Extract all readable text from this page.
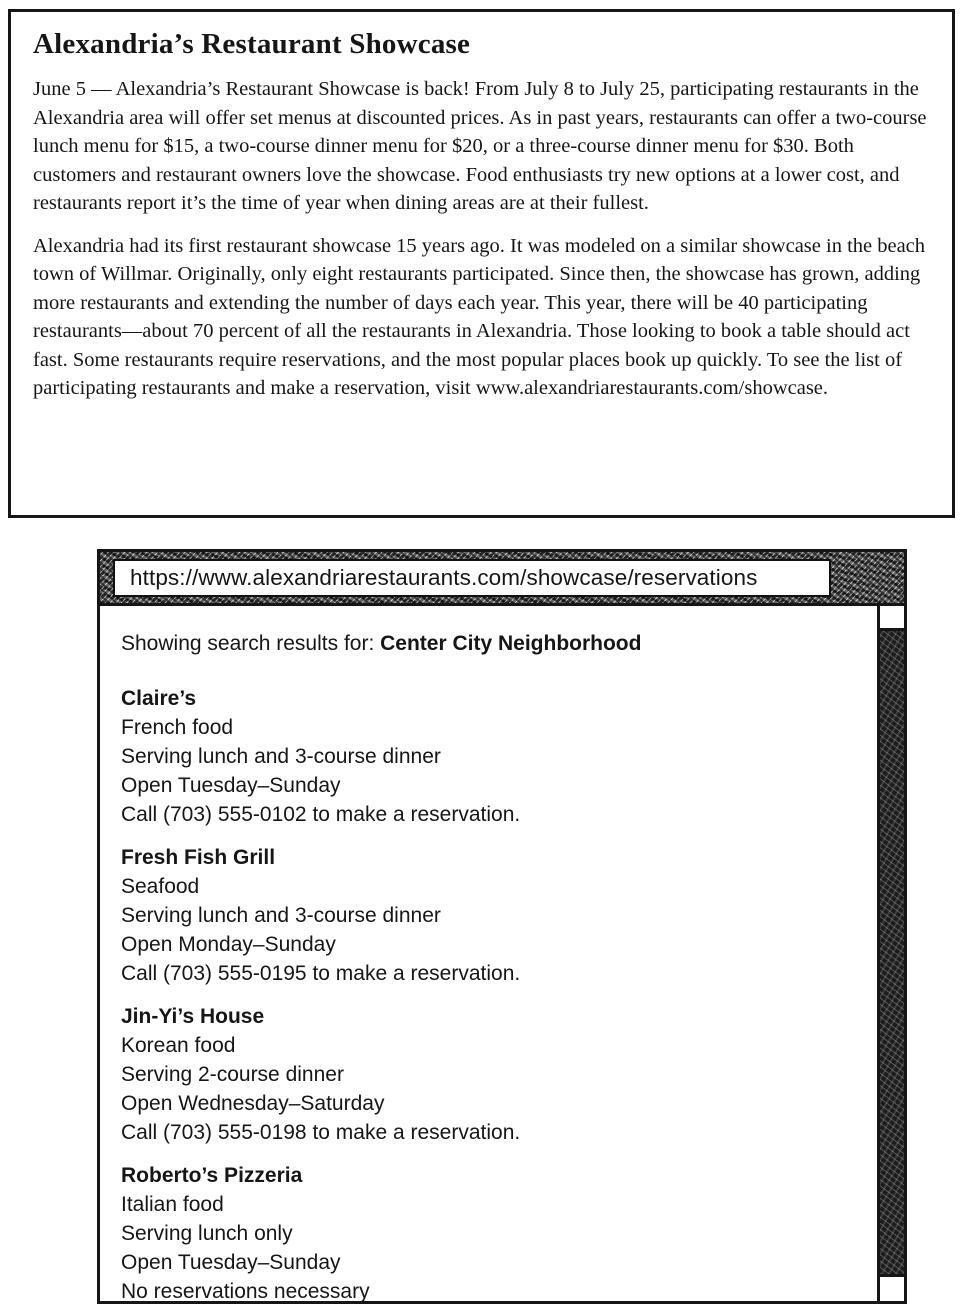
Alexandria’s Restaurant Showcase

June 5 — Alexandria’s Restaurant Showcase is back! From July 8 to July 25, participating restaurants in the Alexandria area will offer set menus at discounted prices. As in past years, restaurants can offer a two-course lunch menu for $15, a two-course dinner menu for $20, or a three-course dinner menu for $30. Both customers and restaurant owners love the showcase. Food enthusiasts try new options at a lower cost, and restaurants report it’s the time of year when dining areas are at their fullest.

Alexandria had its first restaurant showcase 15 years ago. It was modeled on a similar showcase in the beach town of Willmar. Originally, only eight restaurants participated. Since then, the showcase has grown, adding more restaurants and extending the number of days each year. This year, there will be 40 participating restaurants—about 70 percent of all the restaurants in Alexandria. Those looking to book a table should act fast. Some restaurants require reservations, and the most popular places book up quickly. To see the list of participating restaurants and make a reservation, visit www.alexandriarestaurants.com/showcase.

https://www.alexandriarestaurants.com/showcase/reservations

Showing search results for: Center City Neighborhood

Claire’s

French food

Serving lunch and 3-course dinner

Open Tuesday–Sunday

Call (703) 555-0102 to make a reservation.

Fresh Fish Grill

Seafood

Serving lunch and 3-course dinner

Open Monday–Sunday

Call (703) 555-0195 to make a reservation.

Jin-Yi’s House

Korean food

Serving 2-course dinner

Open Wednesday–Saturday

Call (703) 555-0198 to make a reservation.

Roberto’s Pizzeria

Italian food

Serving lunch only

Open Tuesday–Sunday

No reservations necessary
